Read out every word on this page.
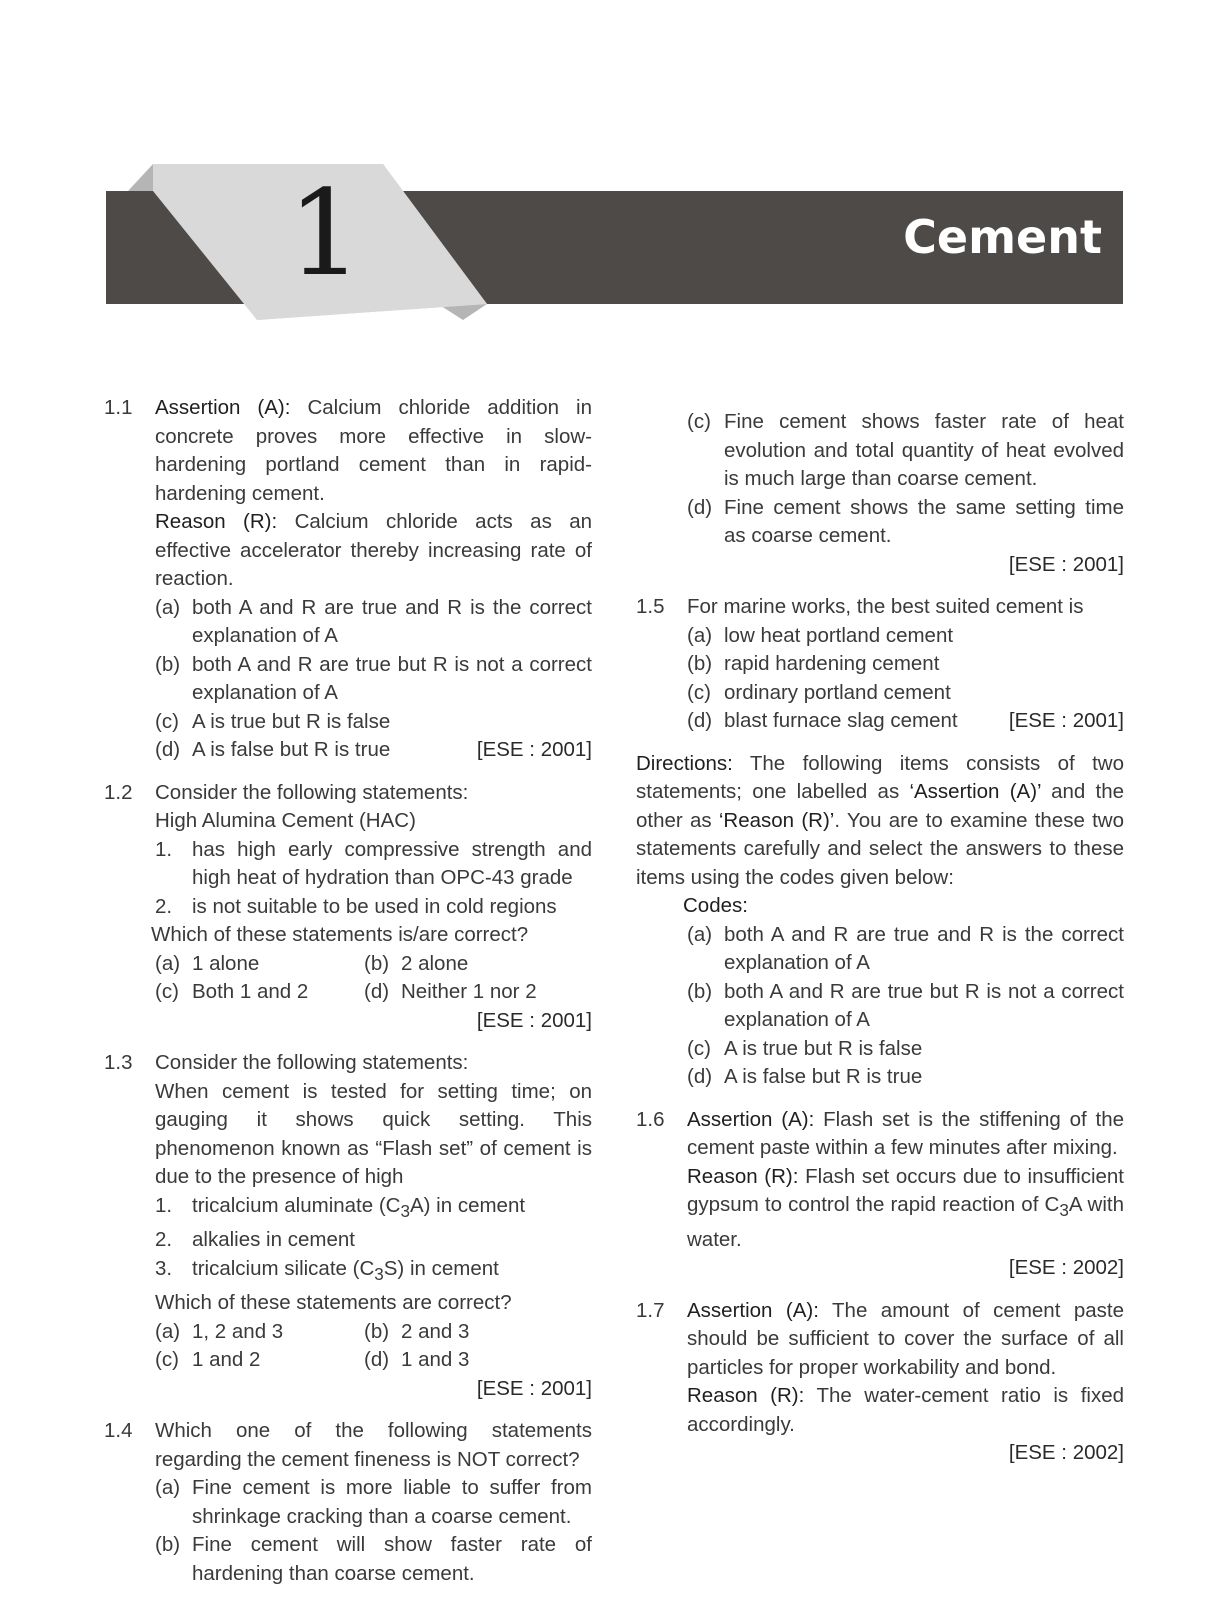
1	Cement
1.1 Assertion (A): Calcium chloride addition in concrete proves more effective in slow-hardening portland cement than in rapid-hardening cement.
Reason (R): Calcium chloride acts as an effective accelerator thereby increasing rate of reaction.
(a) both A and R are true and R is the correct explanation of A
(b) both A and R are true but R is not a correct explanation of A
(c) A is true but R is false
(d) A is false but R is true	[ESE : 2001]
1.2 Consider the following statements:
High Alumina Cement (HAC)
1. has high early compressive strength and high heat of hydration than OPC-43 grade
2. is not suitable to be used in cold regions
Which of these statements is/are correct?
(a) 1 alone	(b) 2 alone
(c) Both 1 and 2	(d) Neither 1 nor 2
[ESE : 2001]
1.3 Consider the following statements:
When cement is tested for setting time; on gauging it shows quick setting. This phenomenon known as “Flash set” of cement is due to the presence of high
1. tricalcium aluminate $(C_3A)$ in cement
2. alkalies in cement
3. tricalcium silicate $(C_3S)$ in cement
Which of these statements are correct?
(a) 1, 2 and 3	(b) 2 and 3
(c) 1 and 2	(d) 1 and 3
[ESE : 2001]
1.4 Which one of the following statements regarding the cement fineness is NOT correct?
(a) Fine cement is more liable to suffer from shrinkage cracking than a coarse cement.
(b) Fine cement will show faster rate of hardening than coarse cement.
(c) Fine cement shows faster rate of heat evolution and total quantity of heat evolved is much large than coarse cement.
(d) Fine cement shows the same setting time as coarse cement.
[ESE : 2001]
1.5 For marine works, the best suited cement is
(a) low heat portland cement
(b) rapid hardening cement
(c) ordinary portland cement
(d) blast furnace slag cement	[ESE : 2001]
Directions: The following items consists of two statements; one labelled as ‘Assertion (A)’ and the other as ‘Reason (R)’. You are to examine these two statements carefully and select the answers to these items using the codes given below:
Codes:
(a) both A and R are true and R is the correct explanation of A
(b) both A and R are true but R is not a correct explanation of A
(c) A is true but R is false
(d) A is false but R is true
1.6 Assertion (A): Flash set is the stiffening of the cement paste within a few minutes after mixing.
Reason (R): Flash set occurs due to insufficient gypsum to control the rapid reaction of $C_3A$ with water.
[ESE : 2002]
1.7 Assertion (A): The amount of cement paste should be sufficient to cover the surface of all particles for proper workability and bond.
Reason (R): The water-cement ratio is fixed accordingly.
[ESE : 2002]
